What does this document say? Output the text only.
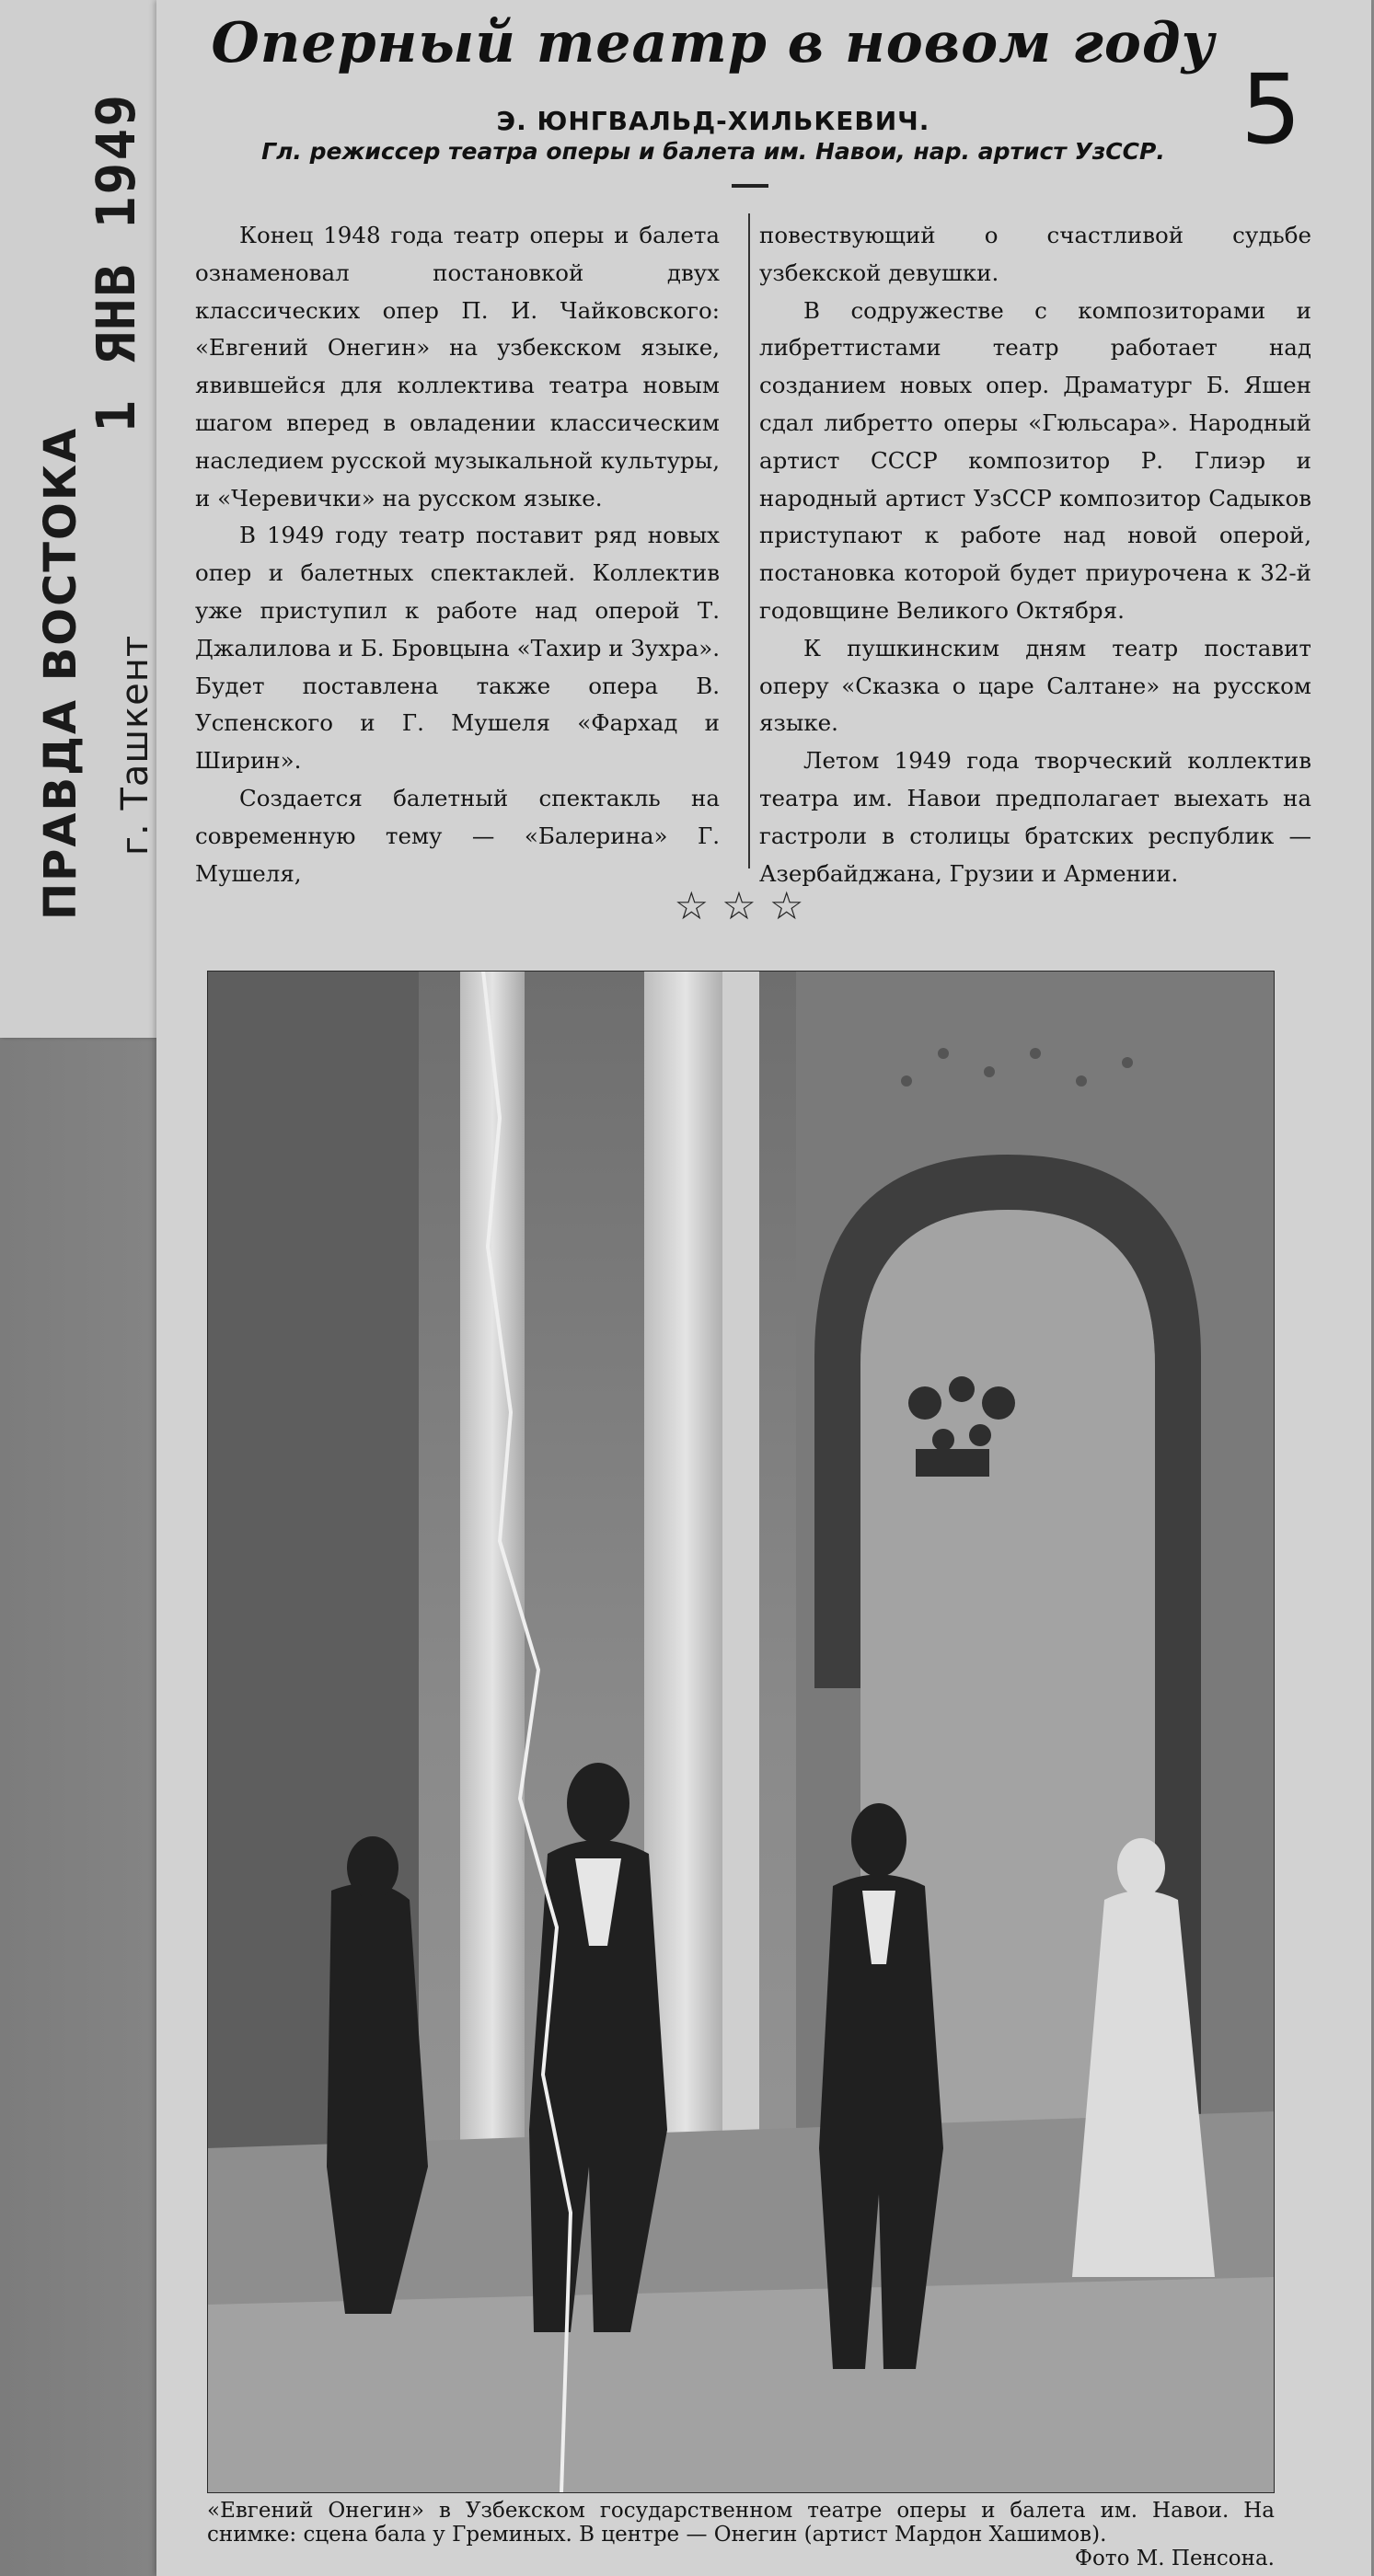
1 ЯНВ 1949
ПРАВДА ВОСТОКА г. Ташкент
Оперный театр в новом году
5
Э. ЮНГВАЛЬД-ХИЛЬКЕВИЧ.
Гл. режиссер театра оперы и балета им. Навои, нар. артист УзССР.

Конец 1948 года театр оперы и балета ознаменовал постановкой двух классических опер П. И. Чайковского: «Евгений Онегин» на узбекском языке, явившейся для коллектива театра новым шагом вперед в овладении классическим наследием русской музыкальной культуры, и «Черевички» на русском языке.

В 1949 году театр поставит ряд новых опер и балетных спектаклей. Коллектив уже приступил к работе над оперой Т. Джалилова и Б. Бровцына «Тахир и Зухра». Будет поставлена также опера В. Успенского и Г. Мушеля «Фархад и Ширин».

Создается балетный спектакль на современную тему — «Балерина» Г. Мушеля,

повествующий о счастливой судьбе узбекской девушки.

В содружестве с композиторами и либреттистами театр работает над созданием новых опер. Драматург Б. Яшен сдал либретто оперы «Гюльсара». Народный артист СССР композитор Р. Глиэр и народный артист УзССР композитор Садыков приступают к работе над новой оперой, постановка которой будет приурочена к 32-й годовщине Великого Октября.

К пушкинским дням театр поставит оперу «Сказка о царе Салтане» на русском языке.

Летом 1949 года творческий коллектив театра им. Навои предполагает выехать на гастроли в столицы братских республик — Азербайджана, Грузии и Армении.

☆☆☆
«Евгений Онегин» в Узбекском государственном театре оперы и балета им. Навои. На снимке: сцена бала у Греминых. В центре — Онегин (артист Мардон Хашимов).
Фото М. Пенсона.
